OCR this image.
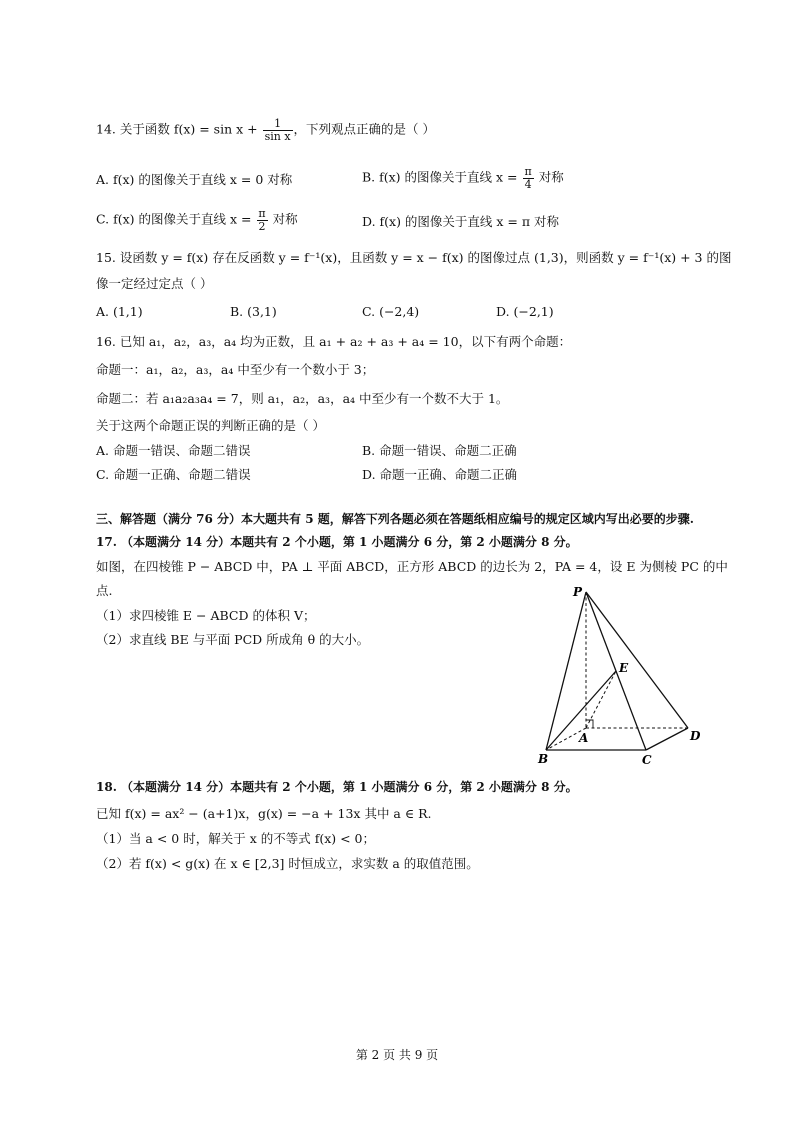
14. 关于函数 $f(x) = \sin x + \frac{1}{\text{sin x}}$ ，下列观点正确的是（ ）
A. f(x) 的图像关于直线 x = 0 对称	B. f(x) 的图像关于直线 $x = \frac{\pi}{4}$ 对称
C. f(x) 的图像关于直线 $x = \frac{\pi}{2}$ 对称	D. f(x) 的图像关于直线 x = π 对称
15. 设函数 y = f(x) 存在反函数 y = f⁻¹(x)，且函数 y = x − f(x) 的图像过点 (1,3)，则函数 y = f⁻¹(x) + 3 的图
像一定经过定点（ ）
A. (1,1)	B. (3,1)	C. (−2,4)	D. (−2,1)
16. 已知 a₁，a₂，a₃，a₄ 均为正数，且 a₁ + a₂ + a₃ + a₄ = 10，以下有两个命题：
命题一：a₁，a₂，a₃，a₄ 中至少有一个数小于 3；
命题二：若 a₁a₂a₃a₄ = 7，则 a₁，a₂，a₃，a₄ 中至少有一个数不大于 1。
关于这两个命题正误的判断正确的是（ ）
A. 命题一错误、命题二错误	B. 命题一错误、命题二正确
C. 命题一正确、命题二错误	D. 命题一正确、命题二正确
三、解答题（满分 76 分）本大题共有 5 题，解答下列各题必须在答题纸相应编号的规定区域内写出必要的步骤.
17. （本题满分 14 分）本题共有 2 个小题，第 1 小题满分 6 分，第 2 小题满分 8 分。
如图，在四棱锥 P − ABCD 中，PA ⊥ 平面 ABCD，正方形 ABCD 的边长为 2，PA = 4，设 E 为侧棱 PC 的中
点.
（1）求四棱锥 E − ABCD 的体积 V；
（2）求直线 BE 与平面 PCD 所成角 θ 的大小。
P
E
A
B	C
D
18. （本题满分 14 分）本题共有 2 个小题，第 1 小题满分 6 分，第 2 小题满分 8 分。
已知 f(x) = ax² − (a+1)x，g(x) = −a + 13x 其中 a ∈ R.
（1）当 a < 0 时，解关于 x 的不等式 f(x) < 0；
（2）若 f(x) < g(x) 在 x ∈ [2,3] 时恒成立，求实数 a 的取值范围。
第 2 页 共 9 页
